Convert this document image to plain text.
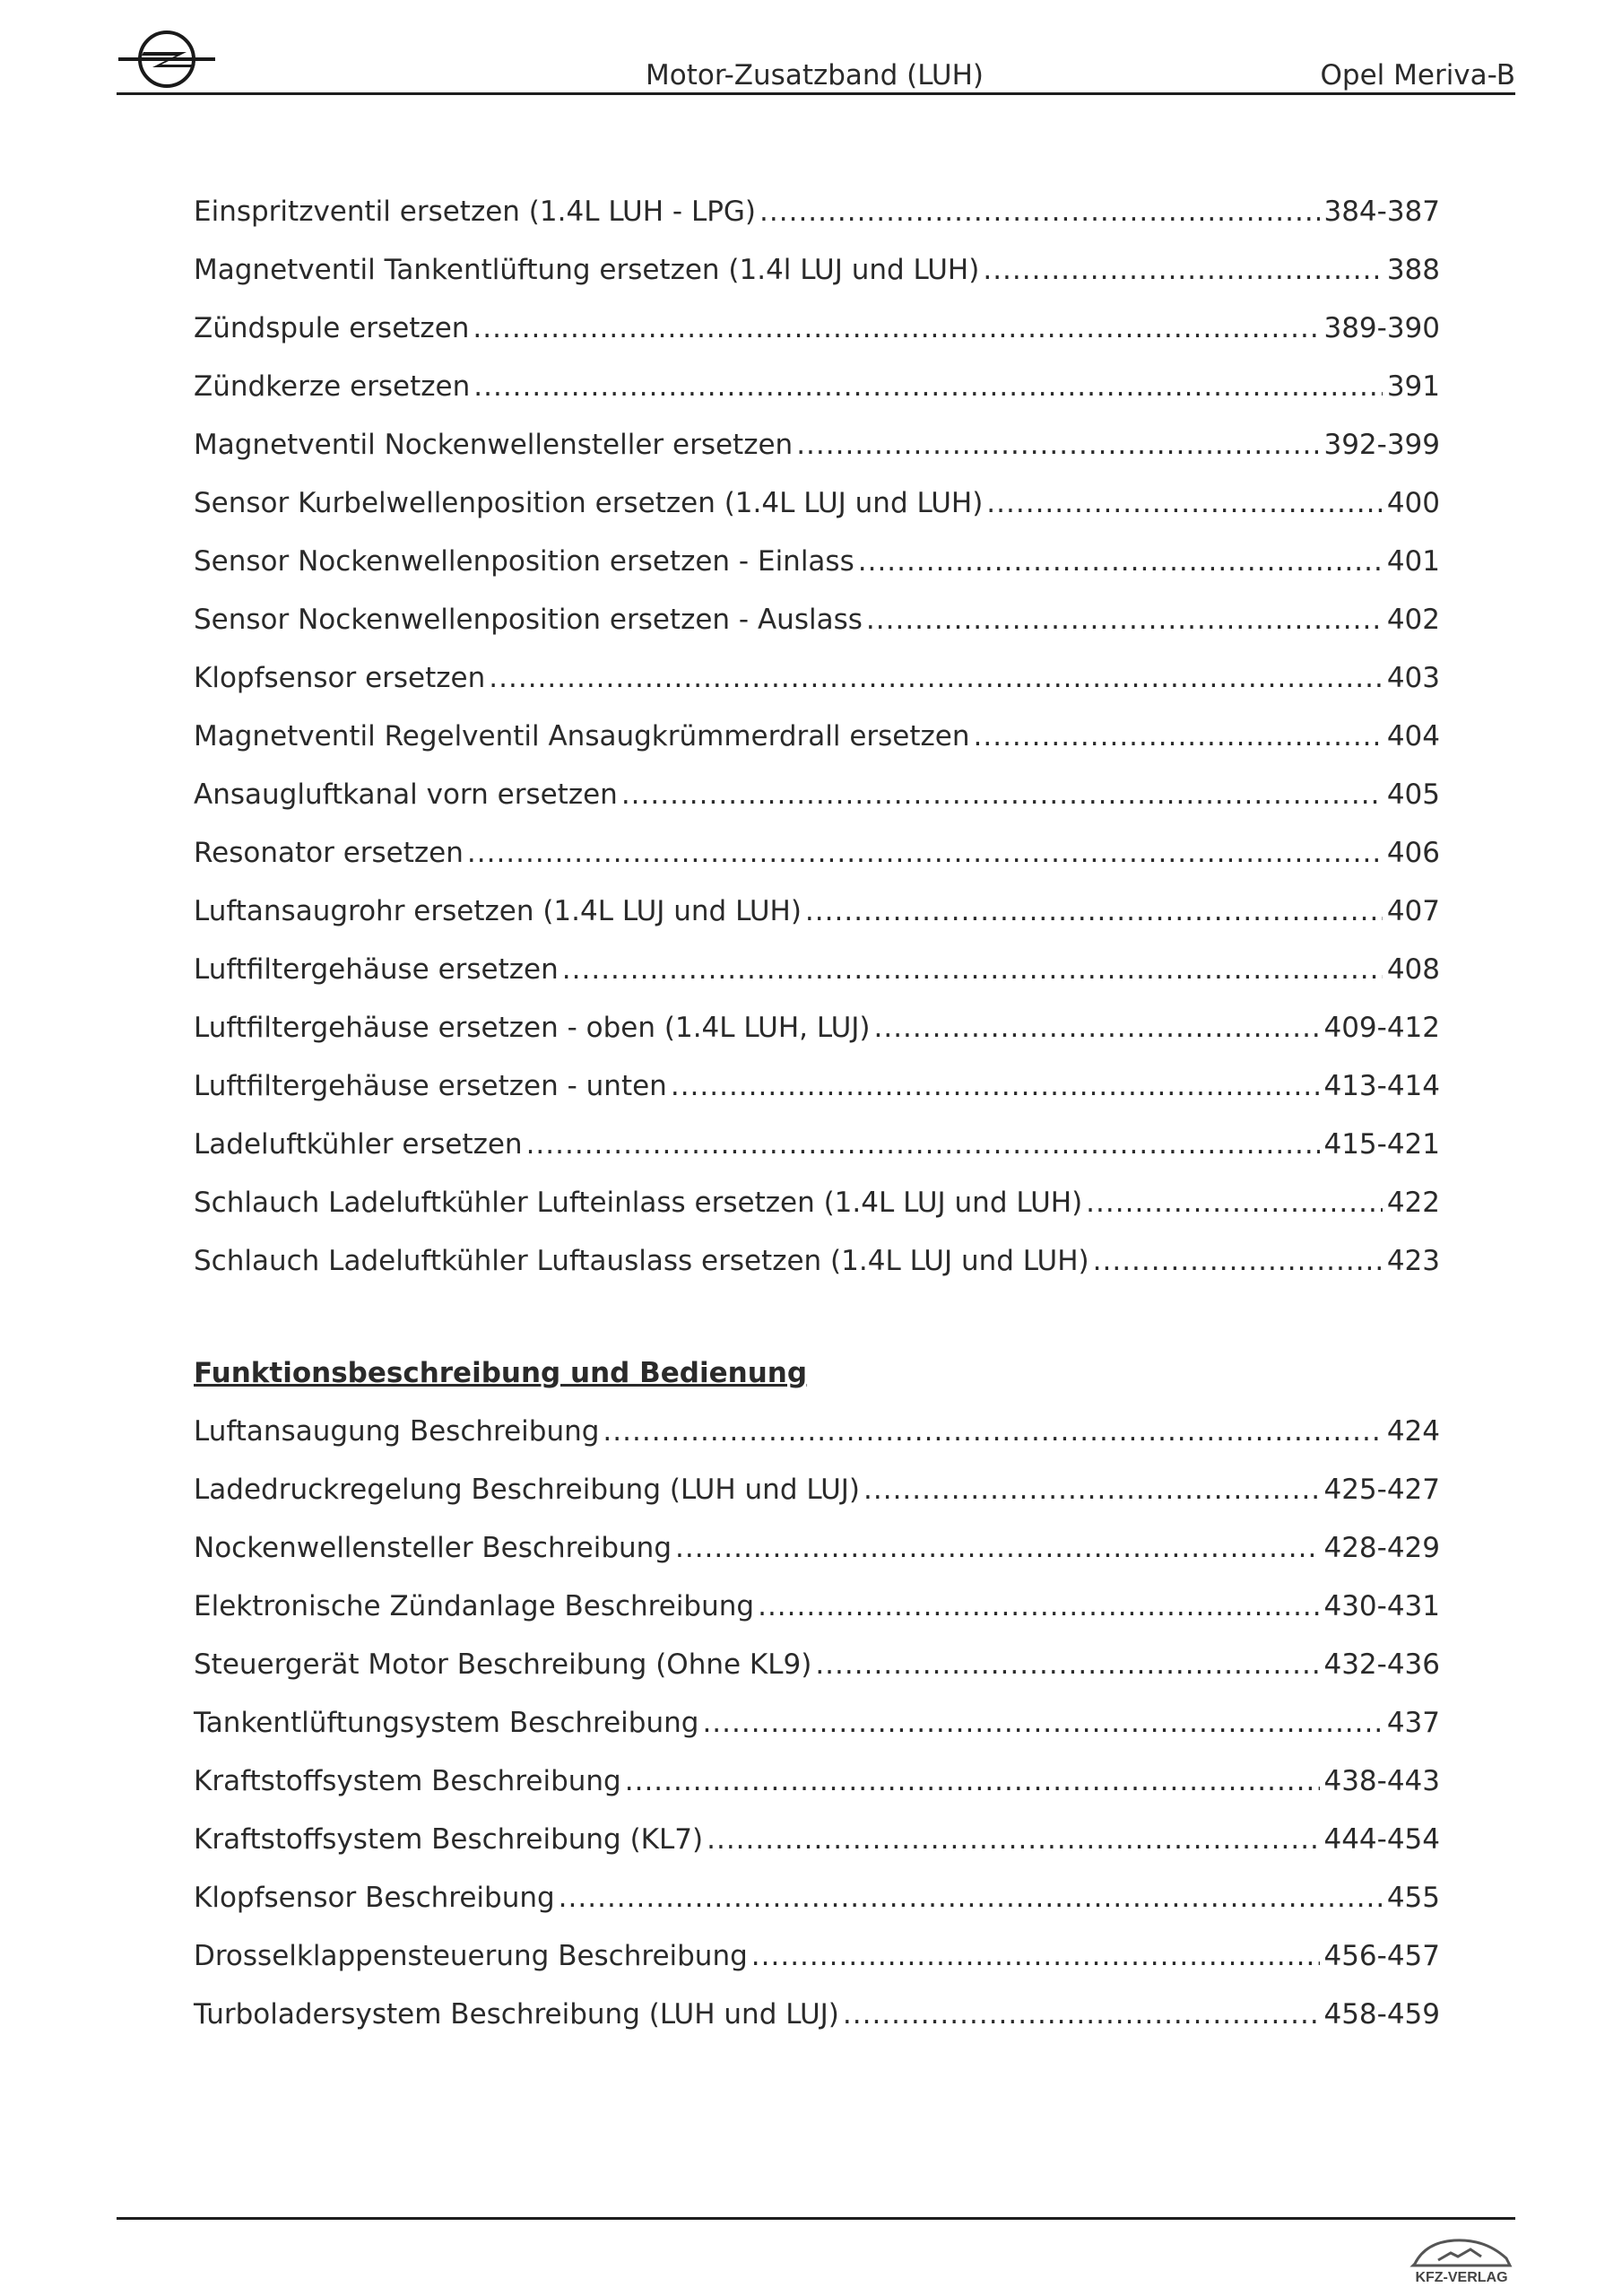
Motor-Zusatzband (LUH)	Opel Meriva-B
Einspritzventil ersetzen (1.4L LUH - LPG) .....	384-387
Magnetventil Tankentlüftung ersetzen (1.4l LUJ und LUH) .....	388
Zündspule ersetzen .....	389-390
Zündkerze ersetzen .....	391
Magnetventil Nockenwellensteller ersetzen .....	392-399
Sensor Kurbelwellenposition ersetzen (1.4L LUJ und LUH) .....	400
Sensor Nockenwellenposition ersetzen - Einlass .....	401
Sensor Nockenwellenposition ersetzen - Auslass .....	402
Klopfsensor ersetzen .....	403
Magnetventil Regelventil Ansaugkrümmerdrall ersetzen .....	404
Ansaugluftkanal vorn ersetzen .....	405
Resonator ersetzen .....	406
Luftansaugrohr ersetzen (1.4L LUJ und LUH) .....	407
Luftfiltergehäuse ersetzen .....	408
Luftfiltergehäuse ersetzen - oben (1.4L LUH, LUJ) .....	409-412
Luftfiltergehäuse ersetzen - unten .....	413-414
Ladeluftkühler ersetzen .....	415-421
Schlauch Ladeluftkühler Lufteinlass ersetzen (1.4L LUJ und LUH) .....	422
Schlauch Ladeluftkühler Luftauslass ersetzen (1.4L LUJ und LUH) .....	423
Funktionsbeschreibung und Bedienung
Luftansaugung Beschreibung .....	424
Ladedruckregelung Beschreibung (LUH und LUJ) .....	425-427
Nockenwellensteller Beschreibung .....	428-429
Elektronische Zündanlage Beschreibung .....	430-431
Steuergerät Motor Beschreibung (Ohne KL9) .....	432-436
Tankentlüftungsystem Beschreibung .....	437
Kraftstoffsystem Beschreibung .....	438-443
Kraftstoffsystem Beschreibung (KL7) .....	444-454
Klopfsensor Beschreibung .....	455
Drosselklappensteuerung Beschreibung .....	456-457
Turboladersystem Beschreibung (LUH und LUJ) .....	458-459
KFZ-VERLAG
